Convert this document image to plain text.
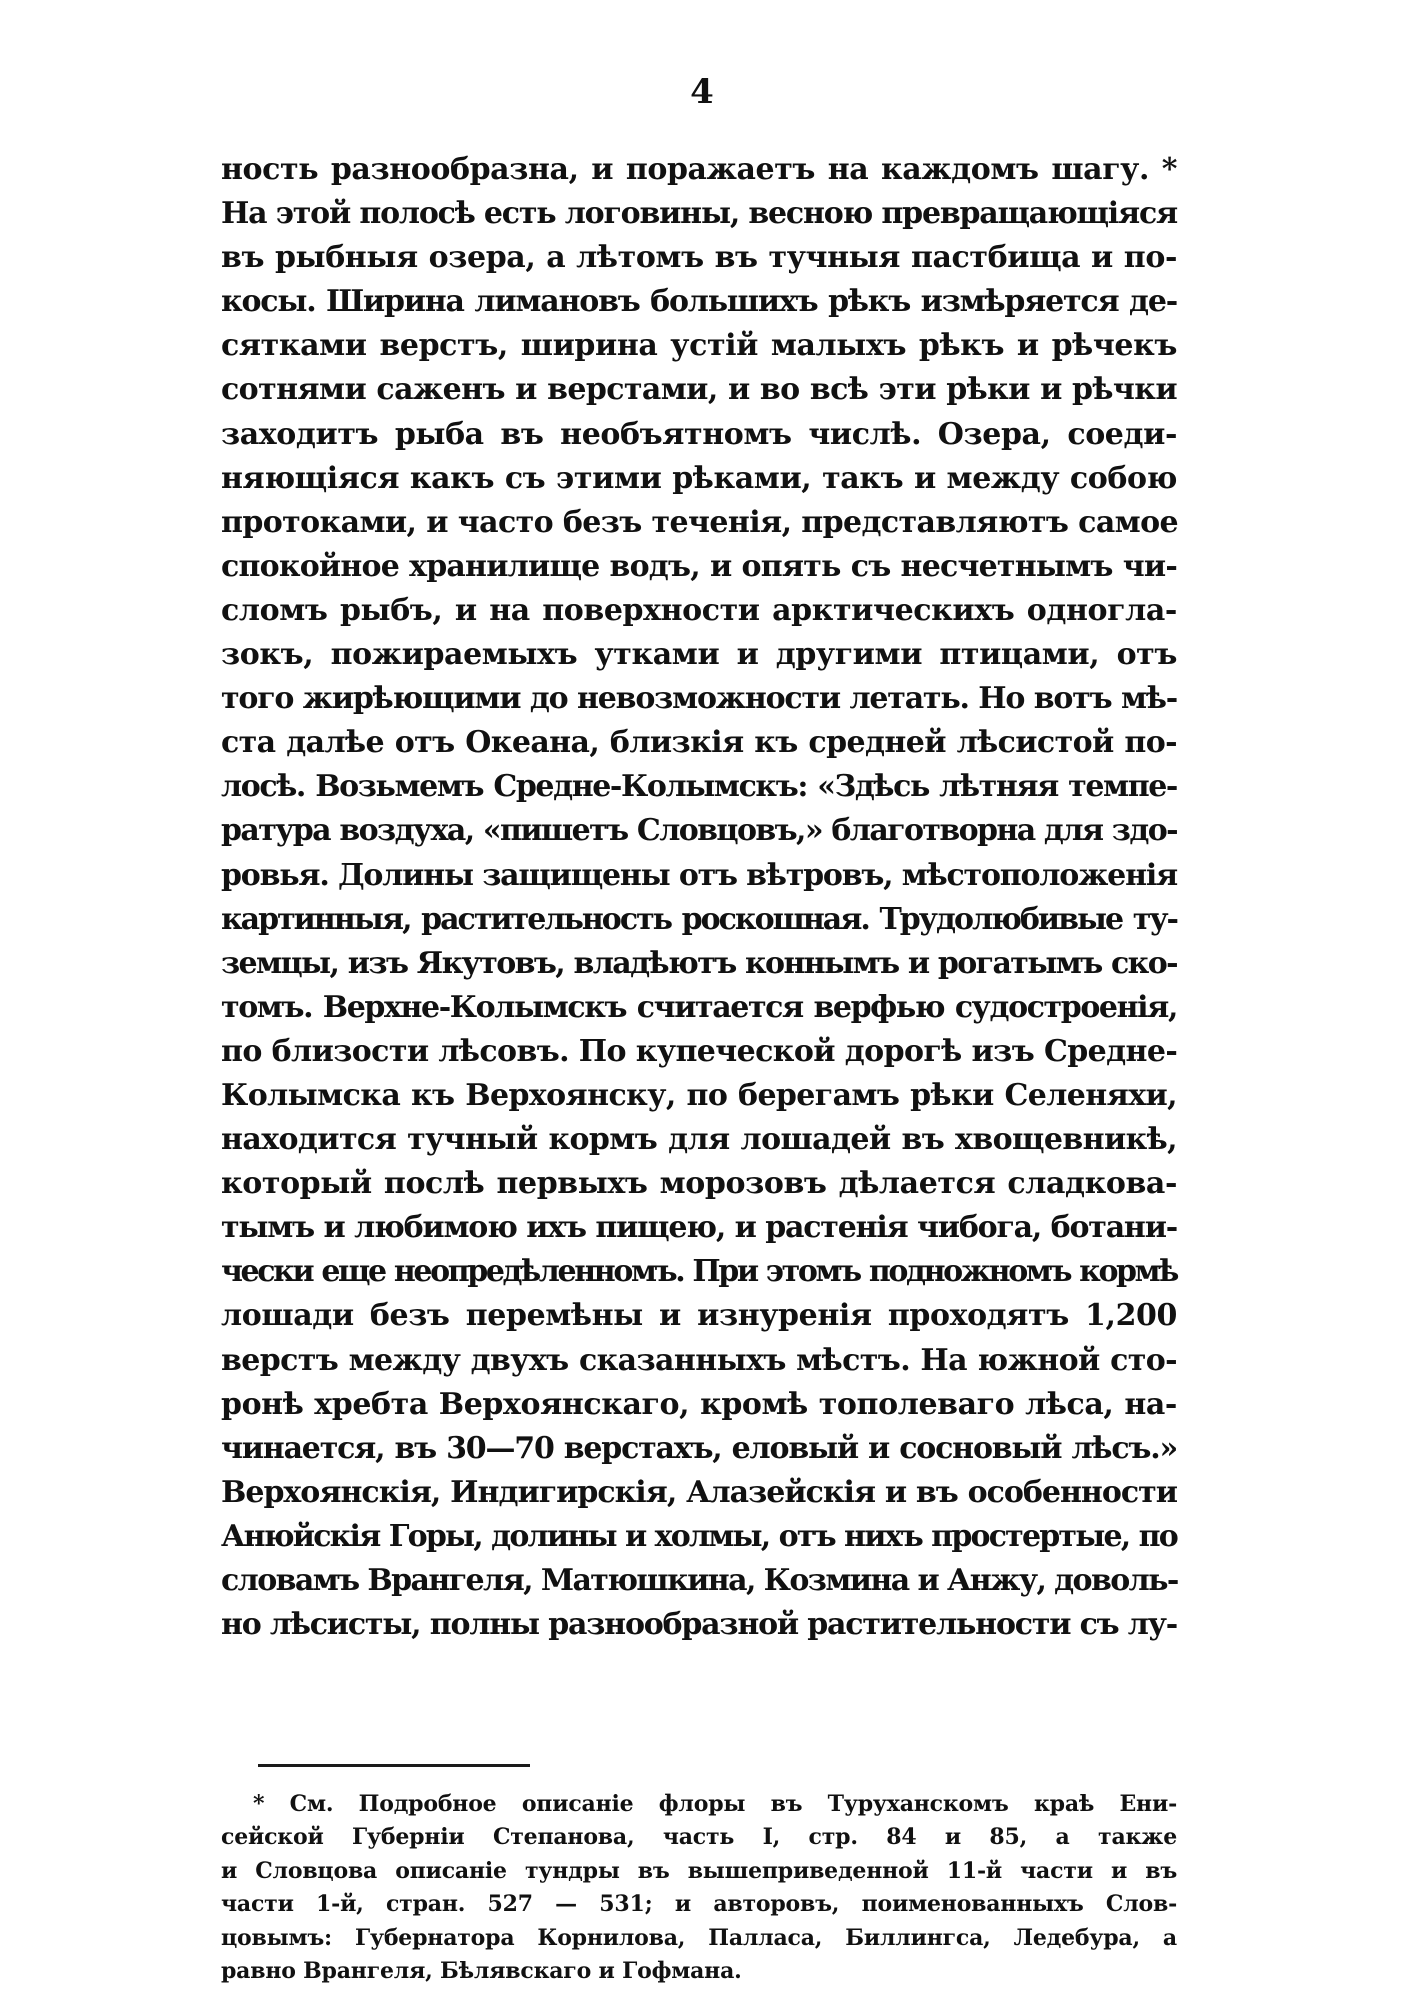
4
ность разнообразна, и поражаетъ на каждомъ шагу. *
На этой полосѣ есть логовины, весною превращающіяся
въ рыбныя озера, а лѣтомъ въ тучныя пастбища и по-
косы. Ширина лимановъ большихъ рѣкъ измѣряется де-
сятками верстъ, ширина устій малыхъ рѣкъ и рѣчекъ
сотнями саженъ и верстами, и во всѣ эти рѣки и рѣчки
заходитъ рыба въ необъятномъ числѣ. Озера, соеди-
няющіяся какъ съ этими рѣками, такъ и между собою
протоками, и часто безъ теченія, представляютъ самое
спокойное хранилище водъ, и опять съ несчетнымъ чи-
сломъ рыбъ, и на поверхности арктическихъ одногла-
зокъ, пожираемыхъ утками и другими птицами, отъ
того жирѣющими до невозможности летать. Но вотъ мѣ-
ста далѣе отъ Океана, близкія къ средней лѣсистой по-
лосѣ. Возьмемъ Средне-Колымскъ: «Здѣсь лѣтняя темпе-
ратура воздуха, «пишетъ Словцовъ,» благотворна для здо-
ровья. Долины защищены отъ вѣтровъ, мѣстоположенія
картинныя, растительность роскошная. Трудолюбивые ту-
земцы, изъ Якутовъ, владѣютъ коннымъ и рогатымъ ско-
томъ. Верхне-Колымскъ считается верфью судостроенія,
по близости лѣсовъ. По купеческой дорогѣ изъ Средне-
Колымска къ Верхоянску, по берегамъ рѣки Селеняхи,
находится тучный кормъ для лошадей въ хвощевникѣ,
который послѣ первыхъ морозовъ дѣлается сладкова-
тымъ и любимою ихъ пищею, и растенія чибога, ботани-
чески еще неопредѣленномъ. При этомъ подножномъ кормѣ
лошади безъ перемѣны и изнуренія проходятъ 1,200
верстъ между двухъ сказанныхъ мѣстъ. На южной сто-
ронѣ хребта Верхоянскаго, кромѣ тополеваго лѣса, на-
чинается, въ 30—70 верстахъ, еловый и сосновый лѣсъ.»
Верхоянскія, Индигирскія, Алазейскія и въ особенности
Анюйскія Горы, долины и холмы, отъ нихъ простертые, по
словамъ Врангеля, Матюшкина, Козмина и Анжу, доволь-
но лѣсисты, полны разнообразной растительности съ лу-
* См. Подробное описаніе флоры въ Туруханскомъ краѣ Ени-
сейской Губерніи Степанова, часть I, стр. 84 и 85, а также
и Словцова описаніе тундры въ вышеприведенной 11-й части и въ
части 1-й, стран. 527 — 531; и авторовъ, поименованныхъ Слов-
цовымъ: Губернатора Корнилова, Палласа, Биллингса, Ледебура, а
равно Врангеля, Бѣлявскаго и Гофмана.
